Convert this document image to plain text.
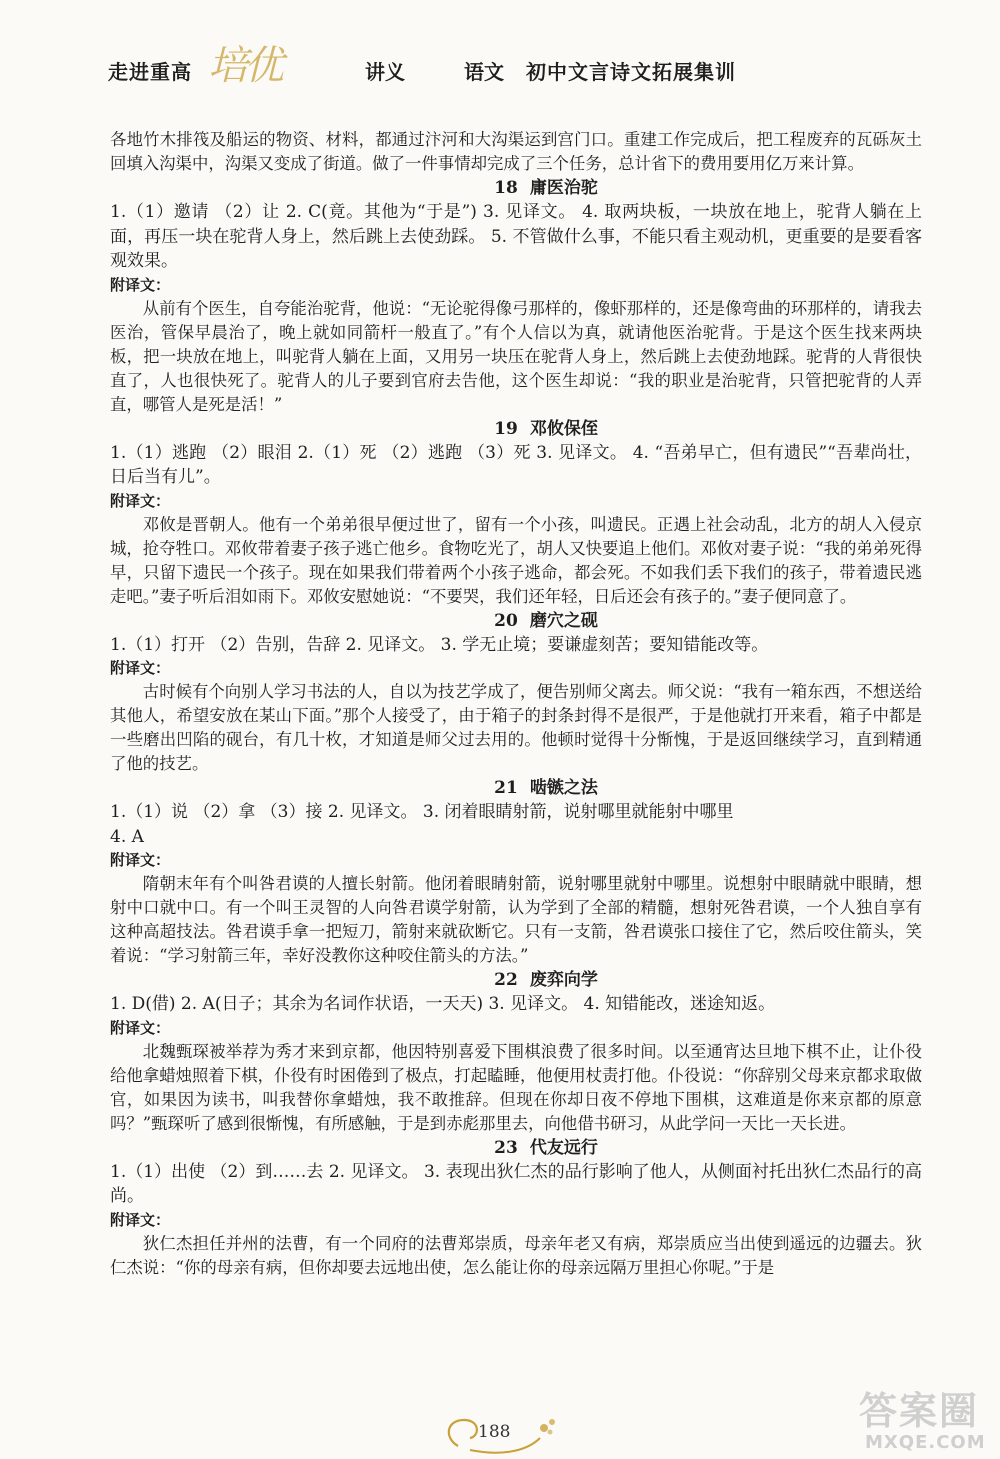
走进重高 培优	讲义	语文 初中文言诗文拓展集训

各地竹木排筏及船运的物资、材料，都通过汴河和大沟渠运到宫门口。重建工作完成后，把工程废弃的瓦砾灰土回填入沟渠中，沟渠又变成了街道。做了一件事情却完成了三个任务，总计省下的费用要用亿万来计算。

18 庸医治驼

1.（1）邀请 （2）让 2. C(竟。其他为“于是”) 3. 见译文。 4. 取两块板，一块放在地上，驼背人躺在上面，再压一块在驼背人身上，然后跳上去使劲踩。 5. 不管做什么事，不能只看主观动机，更重要的是要看客观效果。

附译文：

从前有个医生，自夸能治驼背，他说：“无论驼得像弓那样的，像虾那样的，还是像弯曲的环那样的，请我去医治，管保早晨治了，晚上就如同箭杆一般直了。”有个人信以为真，就请他医治驼背。于是这个医生找来两块板，把一块放在地上，叫驼背人躺在上面，又用另一块压在驼背人身上，然后跳上去使劲地踩。驼背的人背很快直了，人也很快死了。驼背人的儿子要到官府去告他，这个医生却说：“我的职业是治驼背，只管把驼背的人弄直，哪管人是死是活！”

19 邓攸保侄

1.（1）逃跑 （2）眼泪 2.（1）死 （2）逃跑 （3）死 3. 见译文。 4. “吾弟早亡，但有遗民”“吾辈尚壮，日后当有儿”。

附译文：

邓攸是晋朝人。他有一个弟弟很早便过世了，留有一个小孩，叫遗民。正遇上社会动乱，北方的胡人入侵京城，抢夺牲口。邓攸带着妻子孩子逃亡他乡。食物吃光了，胡人又快要追上他们。邓攸对妻子说：“我的弟弟死得早，只留下遗民一个孩子。现在如果我们带着两个小孩子逃命，都会死。不如我们丢下我们的孩子，带着遗民逃走吧。”妻子听后泪如雨下。邓攸安慰她说：“不要哭，我们还年轻，日后还会有孩子的。”妻子便同意了。

20 磨穴之砚

1.（1）打开 （2）告别，告辞 2. 见译文。 3. 学无止境；要谦虚刻苦；要知错能改等。

附译文：

古时候有个向别人学习书法的人，自以为技艺学成了，便告别师父离去。师父说：“我有一箱东西，不想送给其他人，希望安放在某山下面。”那个人接受了，由于箱子的封条封得不是很严，于是他就打开来看，箱子中都是一些磨出凹陷的砚台，有几十枚，才知道是师父过去用的。他顿时觉得十分惭愧，于是返回继续学习，直到精通了他的技艺。

21 啮镞之法

1.（1）说 （2）拿 （3）接 2. 见译文。 3. 闭着眼睛射箭，说射哪里就能射中哪里

4. A

附译文：

隋朝末年有个叫咎君谟的人擅长射箭。他闭着眼睛射箭，说射哪里就射中哪里。说想射中眼睛就中眼睛，想射中口就中口。有一个叫王灵智的人向咎君谟学射箭，认为学到了全部的精髓，想射死咎君谟，一个人独自享有这种高超技法。咎君谟手拿一把短刀，箭射来就砍断它。只有一支箭，咎君谟张口接住了它，然后咬住箭头，笑着说：“学习射箭三年，幸好没教你这种咬住箭头的方法。”

22 废弈向学

1. D(借) 2. A(日子；其余为名词作状语，一天天) 3. 见译文。 4. 知错能改，迷途知返。

附译文：

北魏甄琛被举荐为秀才来到京都，他因特别喜爱下围棋浪费了很多时间。以至通宵达旦地下棋不止，让仆役给他拿蜡烛照着下棋，仆役有时困倦到了极点，打起瞌睡，他便用杖责打他。仆役说：“你辞别父母来京都求取做官，如果因为读书，叫我替你拿蜡烛，我不敢推辞。但现在你却日夜不停地下围棋，这难道是你来京都的原意吗？”甄琛听了感到很惭愧，有所感触，于是到赤彪那里去，向他借书研习，从此学问一天比一天长进。

23 代友远行

1.（1）出使 （2）到……去 2. 见译文。 3. 表现出狄仁杰的品行影响了他人，从侧面衬托出狄仁杰品行的高尚。

附译文：

狄仁杰担任并州的法曹，有一个同府的法曹郑崇质，母亲年老又有病，郑崇质应当出使到遥远的边疆去。狄仁杰说：“你的母亲有病，但你却要去远地出使，怎么能让你的母亲远隔万里担心你呢。”于是

188	答案圈
MXQE.COM
